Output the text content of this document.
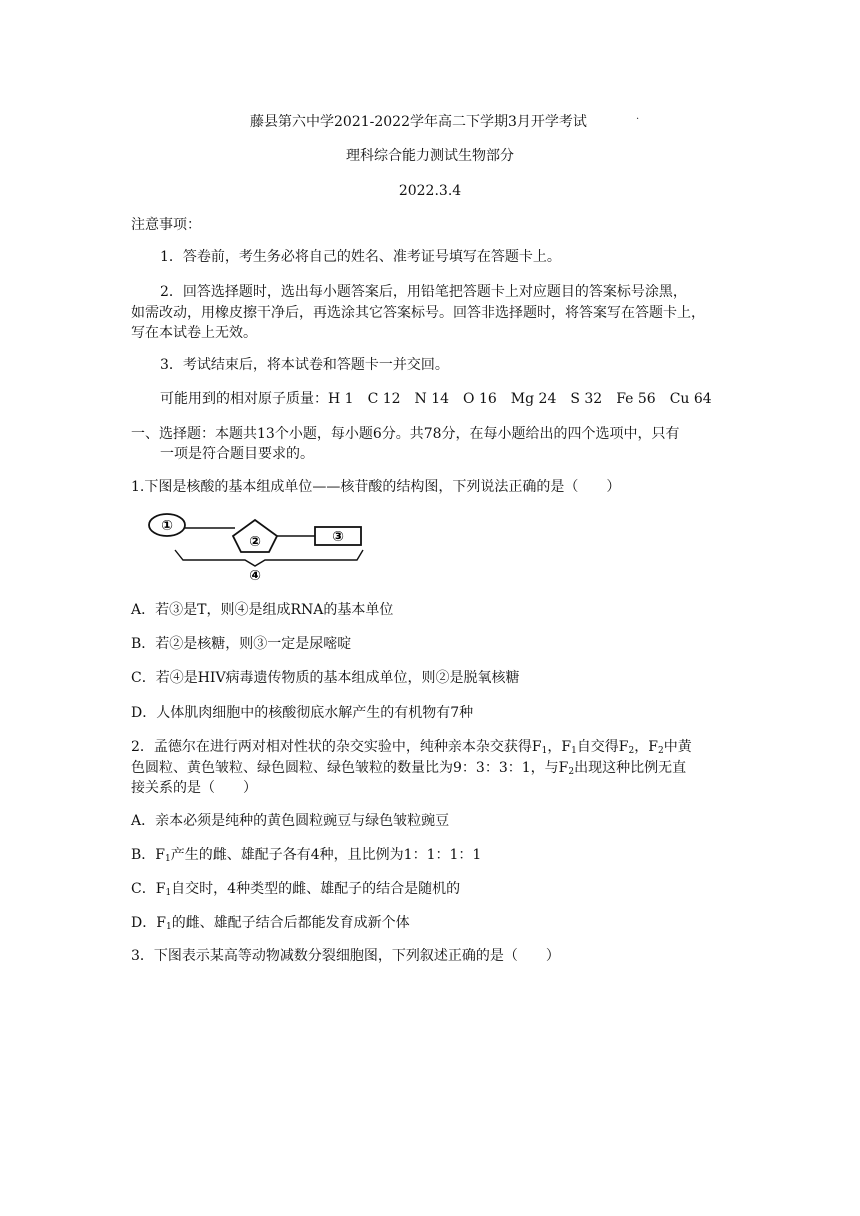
藤县第六中学2021-2022学年高二下学期3月开学考试	·
理科综合能力测试生物部分
2022.3.4
注意事项：
1．答卷前，考生务必将自己的姓名、准考证号填写在答题卡上。
2．回答选择题时，选出每小题答案后，用铅笔把答题卡上对应题目的答案标号涂黑，
如需改动，用橡皮擦干净后，再选涂其它答案标号。回答非选择题时，将答案写在答题卡上，
写在本试卷上无效。
3．考试结束后，将本试卷和答题卡一并交回。
可能用到的相对原子质量：H 1　C 12　N 14　O 16　Mg 24　S 32　Fe 56　Cu 64
一、选择题：本题共13个小题，每小题6分。共78分，在每小题给出的四个选项中，只有
一项是符合题目要求的。
1.下图是核酸的基本组成单位——核苷酸的结构图，下列说法正确的是（　　）
①
②	③
④
A．若③是T，则④是组成RNA的基本单位
B．若②是核糖，则③一定是尿嘧啶
C．若④是HIV病毒遗传物质的基本组成单位，则②是脱氧核糖
D．人体肌肉细胞中的核酸彻底水解产生的有机物有7种
2．孟德尔在进行两对相对性状的杂交实验中，纯种亲本杂交获得$F_1$，$F_1$自交得$F_2$，$F_2$中黄
色圆粒、黄色皱粒、绿色圆粒、绿色皱粒的数量比为9：3：3：1，与$F_2$出现这种比例无直
接关系的是（　　）
A．亲本必须是纯种的黄色圆粒豌豆与绿色皱粒豌豆
B．$F_1$产生的雌、雄配子各有4种，且比例为1：1：1：1
C．$F_1$自交时，4种类型的雌、雄配子的结合是随机的
D．$F_1$的雌、雄配子结合后都能发育成新个体
3．下图表示某高等动物减数分裂细胞图，下列叙述正确的是（　　）
